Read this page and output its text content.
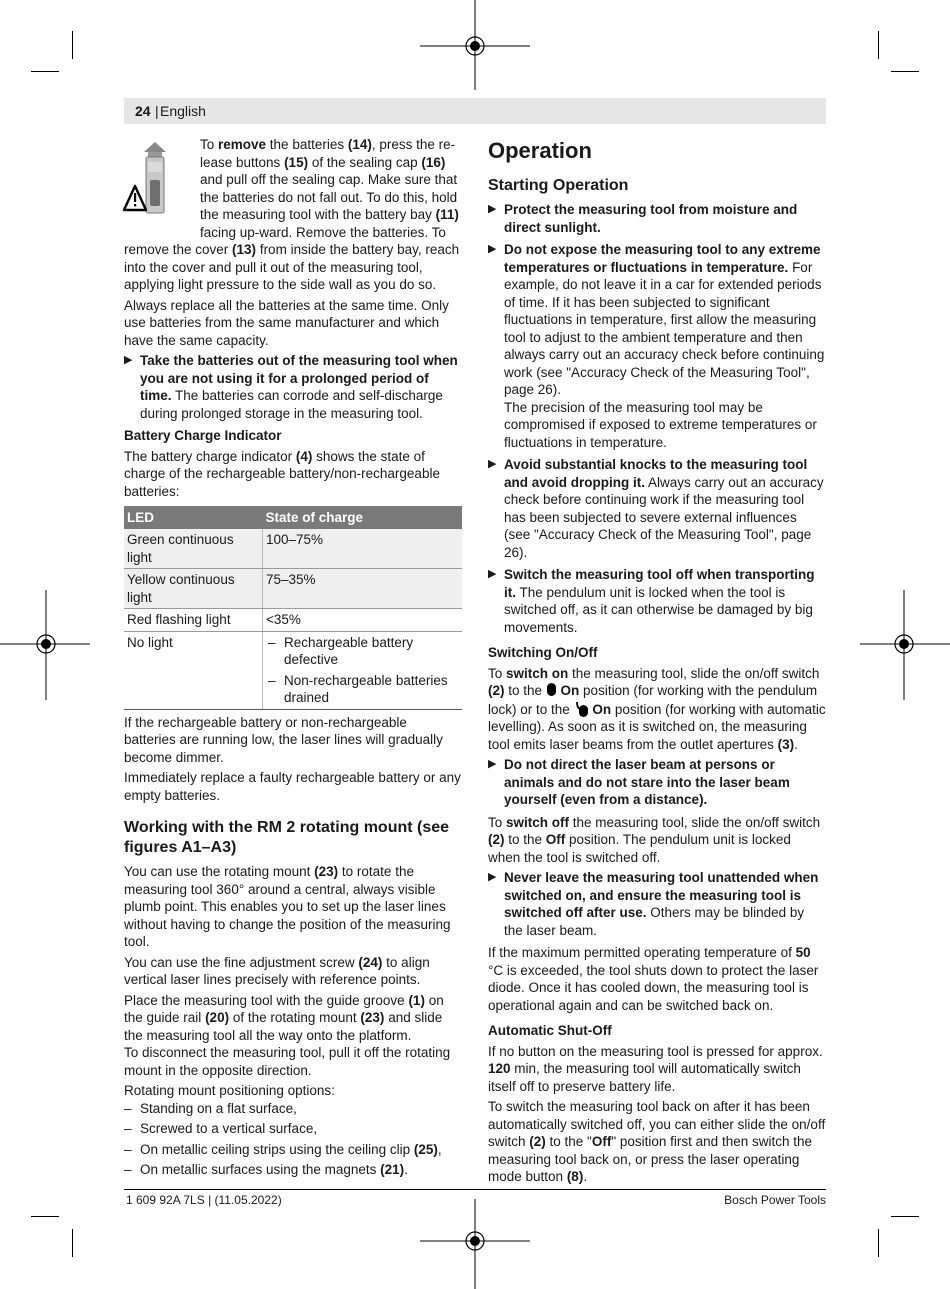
24 | English

To remove the batteries (14), press the re-lease buttons (15) of the sealing cap (16) and pull off the sealing cap. Make sure that the batteries do not fall out. To do this, hold the measuring tool with the battery bay (11) facing up-ward. Remove the batteries. To remove the cover (13) from inside the battery bay, reach into the cover and pull it out of the measuring tool, applying light pressure to the side wall as you do so.

Always replace all the batteries at the same time. Only use batteries from the same manufacturer and which have the same capacity.

▶ Take the batteries out of the measuring tool when you are not using it for a prolonged period of time. The batteries can corrode and self-discharge during prolonged storage in the measuring tool.
Battery Charge Indicator

The battery charge indicator (4) shows the state of charge of the rechargeable battery/non-rechargeable batteries:

LED	State of charge
Green continuous light	100–75%
Yellow continuous light	75–35%
Red flashing light	<35%
No light	– Rechargeable battery defective
– Non-rechargeable batteries drained

If the rechargeable battery or non-rechargeable batteries are running low, the laser lines will gradually become dimmer.

Immediately replace a faulty rechargeable battery or any empty batteries.

Working with the RM 2 rotating mount (see figures A1–A3)

You can use the rotating mount (23) to rotate the measuring tool 360° around a central, always visible plumb point. This enables you to set up the laser lines without having to change the position of the measuring tool.

You can use the fine adjustment screw (24) to align vertical laser lines precisely with reference points.

Place the measuring tool with the guide groove (1) on the guide rail (20) of the rotating mount (23) and slide the measuring tool all the way onto the platform.

To disconnect the measuring tool, pull it off the rotating mount in the opposite direction.

Rotating mount positioning options:

– Standing on a flat surface,
– Screwed to a vertical surface,
– On metallic ceiling strips using the ceiling clip (25),
– On metallic surfaces using the magnets (21).
Operation
Starting Operation
▶ Protect the measuring tool from moisture and direct sunlight.
▶ Do not expose the measuring tool to any extreme temperatures or fluctuations in temperature. For example, do not leave it in a car for extended periods of time. If it has been subjected to significant fluctuations in temperature, first allow the measuring tool to adjust to the ambient temperature and then always carry out an accuracy check before continuing work (see "Accuracy Check of the Measuring Tool", page 26).
The precision of the measuring tool may be compromised if exposed to extreme temperatures or fluctuations in temperature.
▶ Avoid substantial knocks to the measuring tool and avoid dropping it. Always carry out an accuracy check before continuing work if the measuring tool has been subjected to severe external influences (see "Accuracy Check of the Measuring Tool", page 26).
▶ Switch the measuring tool off when transporting it. The pendulum unit is locked when the tool is switched off, as it can otherwise be damaged by big movements.
Switching On/Off

To switch on the measuring tool, slide the on/off switch (2) to the  On position (for working with the pendulum lock) or to the  On position (for working with automatic levelling). As soon as it is switched on, the measuring tool emits laser beams from the outlet apertures (3).

▶ Do not direct the laser beam at persons or animals and do not stare into the laser beam yourself (even from a distance).

To switch off the measuring tool, slide the on/off switch (2) to the Off position. The pendulum unit is locked when the tool is switched off.

▶ Never leave the measuring tool unattended when switched on, and ensure the measuring tool is switched off after use. Others may be blinded by the laser beam.

If the maximum permitted operating temperature of 50 °C is exceeded, the tool shuts down to protect the laser diode. Once it has cooled down, the measuring tool is operational again and can be switched back on.

Automatic Shut-Off

If no button on the measuring tool is pressed for approx. 120 min, the measuring tool will automatically switch itself off to preserve battery life.

To switch the measuring tool back on after it has been automatically switched off, you can either slide the on/off switch (2) to the "Off" position first and then switch the measuring tool back on, or press the laser operating mode button (8).

1 609 92A 7LS | (11.05.2022)	Bosch Power Tools
